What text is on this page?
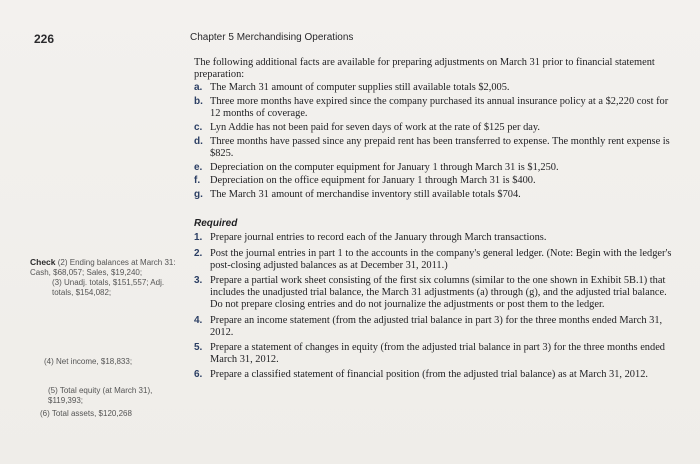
226	Chapter 5 Merchandising Operations

The following additional facts are available for preparing adjustments on March 31 prior to financial statement preparation:

a. The March 31 amount of computer supplies still available totals $2,005.
b. Three more months have expired since the company purchased its annual insurance policy at a $2,220 cost for 12 months of coverage.
c. Lyn Addie has not been paid for seven days of work at the rate of $125 per day.
d. Three months have passed since any prepaid rent has been transferred to expense. The monthly rent expense is $825.
e. Depreciation on the computer equipment for January 1 through March 31 is $1,250.
f. Depreciation on the office equipment for January 1 through March 31 is $400.
g. The March 31 amount of merchandise inventory still available totals $704.
Required
1. Prepare journal entries to record each of the January through March transactions.
2. Post the journal entries in part 1 to the accounts in the company's general ledger. (Note: Begin with the ledger's post-closing adjusted balances as at December 31, 2011.)
3. Prepare a partial work sheet consisting of the first six columns (similar to the one shown in Exhibit 5B.1) that includes the unadjusted trial balance, the March 31 adjustments (a) through (g), and the adjusted trial balance. Do not prepare closing entries and do not journalize the adjustments or post them to the ledger.
4. Prepare an income statement (from the adjusted trial balance in part 3) for the three months ended March 31, 2012.
5. Prepare a statement of changes in equity (from the adjusted trial balance in part 3) for the three months ended March 31, 2012.
6. Prepare a classified statement of financial position (from the adjusted trial balance) as at March 31, 2012.
Check (2) Ending balances at March 31: Cash, $68,057; Sales, $19,240;
(3) Unadj. totals, $151,557; Adj. totals, $154,082;
(4) Net income, $18,833;
(5) Total equity (at March 31), $119,393;
(6) Total assets, $120,268
